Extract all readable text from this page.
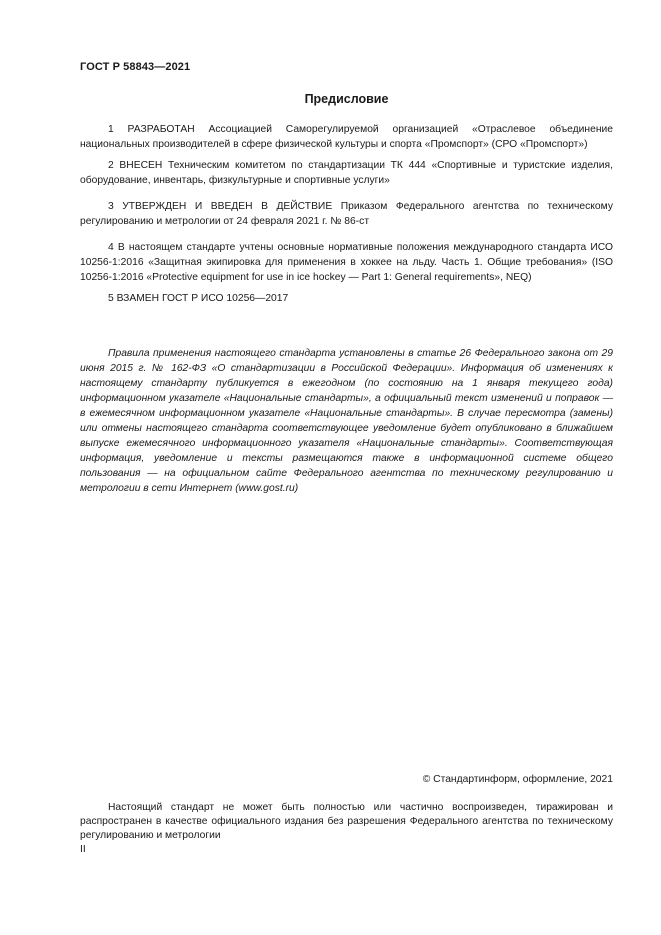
ГОСТ Р 58843—2021
Предисловие

1 РАЗРАБОТАН Ассоциацией Саморегулируемой организацией «Отраслевое объединение национальных производителей в сфере физической культуры и спорта «Промспорт» (СРО «Промспорт»)

2 ВНЕСЕН Техническим комитетом по стандартизации ТК 444 «Спортивные и туристские изделия, оборудование, инвентарь, физкультурные и спортивные услуги»

3 УТВЕРЖДЕН И ВВЕДЕН В ДЕЙСТВИЕ Приказом Федерального агентства по техническому регулированию и метрологии от 24 февраля 2021 г. № 86-ст

4 В настоящем стандарте учтены основные нормативные положения международного стандарта ИСО 10256-1:2016 «Защитная экипировка для применения в хоккее на льду. Часть 1. Общие требования» (ISO 10256-1:2016 «Protective equipment for use in ice hockey — Part 1: General requirements», NEQ)

5 ВЗАМЕН ГОСТ Р ИСО 10256—2017

Правила применения настоящего стандарта установлены в статье 26 Федерального закона от 29 июня 2015 г. № 162-ФЗ «О стандартизации в Российской Федерации». Информация об изменениях к настоящему стандарту публикуется в ежегодном (по состоянию на 1 января текущего года) информационном указателе «Национальные стандарты», а официальный текст изменений и поправок — в ежемесячном информационном указателе «Национальные стандарты». В случае пересмотра (замены) или отмены настоящего стандарта соответствующее уведомление будет опубликовано в ближайшем выпуске ежемесячного информационного указателя «Национальные стандарты». Соответствующая информация, уведомление и тексты размещаются также в информационной системе общего пользования — на официальном сайте Федерального агентства по техническому регулированию и метрологии в сети Интернет (www.gost.ru)

© Стандартинформ, оформление, 2021

Настоящий стандарт не может быть полностью или частично воспроизведен, тиражирован и распространен в качестве официального издания без разрешения Федерального агентства по техническому регулированию и метрологии

II
